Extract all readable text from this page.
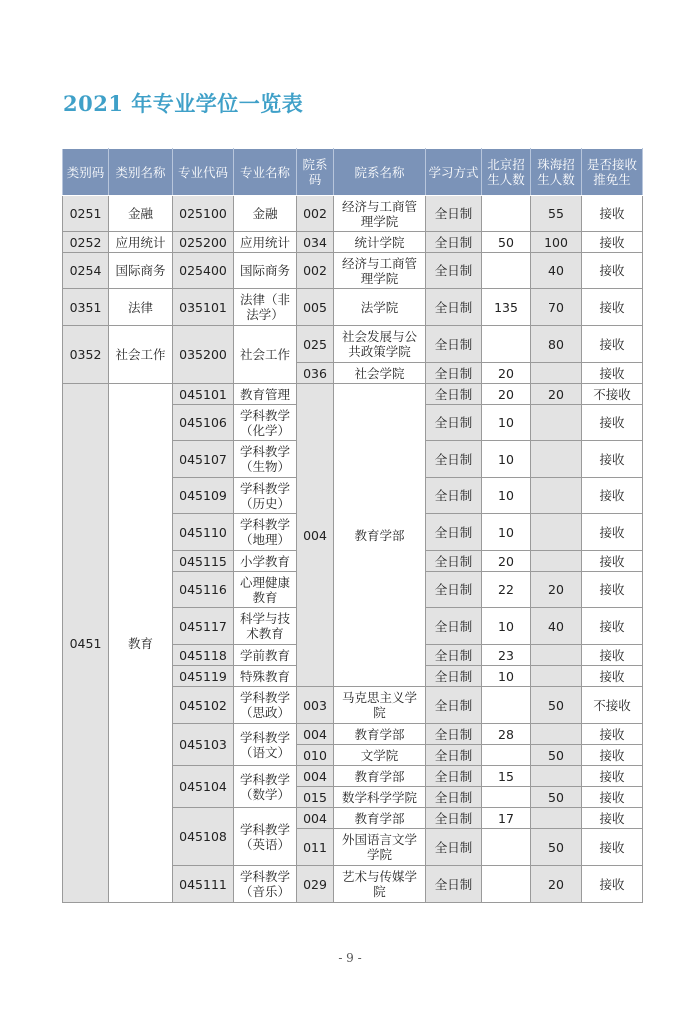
2021 年专业学位一览表
类别码	类别名称	专业代码	专业名称	院系码	院系名称	学习方式	北京招生人数	珠海招生人数	是否接收推免生
0251	金融	025100	金融	002	经济与工商管理学院	全日制		55	接收
0252	应用统计	025200	应用统计	034	统计学院	全日制	50	100	接收
0254	国际商务	025400	国际商务	002	经济与工商管理学院	全日制		40	接收
0351	法律	035101	法律（非法学）	005	法学院	全日制	135	70	接收
0352	社会工作	035200	社会工作	025	社会发展与公共政策学院	全日制		80	接收
				036	社会学院	全日制	20		接收
0451	教育	045101	教育管理	004	教育学部	全日制	20	20	不接收
		045106	学科教学（化学）			全日制	10		接收
		045107	学科教学（生物）			全日制	10		接收
		045109	学科教学（历史）			全日制	10		接收
		045110	学科教学（地理）			全日制	10		接收
		045115	小学教育			全日制	20		接收
		045116	心理健康教育			全日制	22	20	接收
		045117	科学与技术教育			全日制	10	40	接收
		045118	学前教育			全日制	23		接收
		045119	特殊教育			全日制	10		接收
		045102	学科教学（思政）	003	马克思主义学院	全日制		50	不接收
		045103	学科教学（语文）	004	教育学部	全日制	28		接收
				010	文学院	全日制		50	接收
		045104	学科教学（数学）	004	教育学部	全日制	15		接收
				015	数学科学学院	全日制		50	接收
		045108	学科教学（英语）	004	教育学部	全日制	17		接收
				011	外国语言文学学院	全日制		50	接收
		045111	学科教学（音乐）	029	艺术与传媒学院	全日制		20	接收
- 9 -
